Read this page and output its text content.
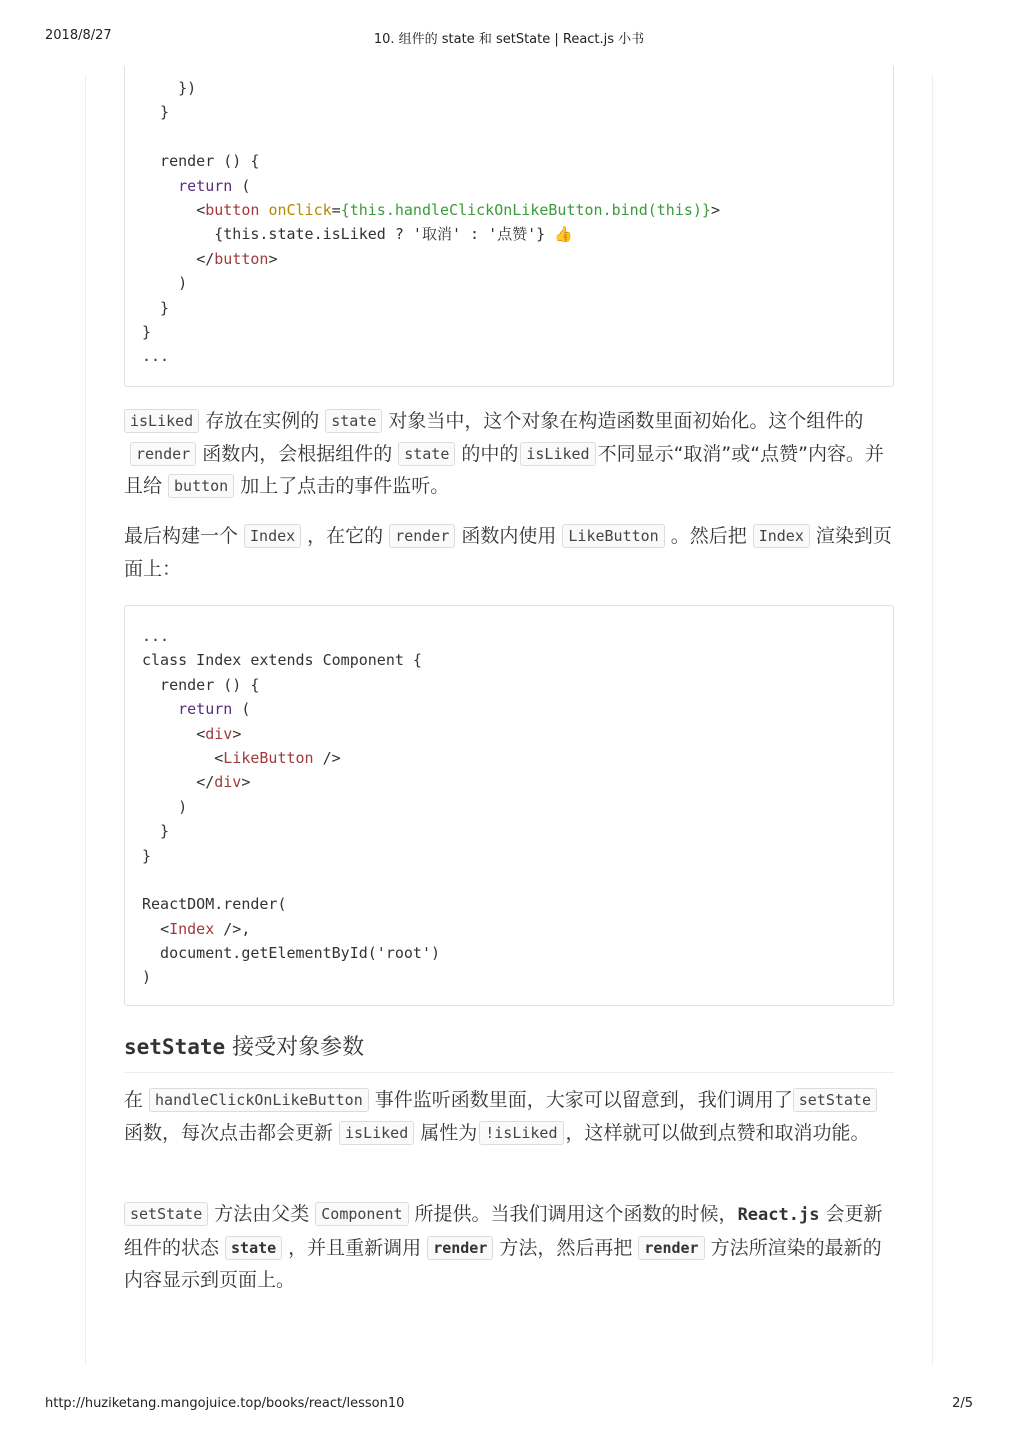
2018/8/27	10. 组件的 state 和 setState | React.js 小书
})
}
render () {
return (
<button onClick={this.handleClickOnLikeButton.bind(this)}>
{this.state.isLiked ? '取消' : '点赞'} 👍
</button>
)
}
}
...
isLiked 存放在实例的 state 对象当中，这个对象在构造函数里面初始化。这个组件的render 函数内，会根据组件的 state 的中的 isLiked 不同显示“取消”或“点赞”内容。并且给 button 加上了点击的事件监听。
最后构建一个 Index ，在它的 render 函数内使用 LikeButton 。然后把 Index 渲染到页面上：
...
class Index extends Component {
render () {
return (
<div>
<LikeButton />
</div>
)
}
}
ReactDOM.render(
<Index />,
document.getElementById('root')
)
setState 接受对象参数
在 handleClickOnLikeButton 事件监听函数里面，大家可以留意到，我们调用了 setState函数，每次点击都会更新 isLiked 属性为 !isLiked ，这样就可以做到点赞和取消功能。
setState 方法由父类 Component 所提供。当我们调用这个函数的时候，React.js 会更新组件的状态 state ，并且重新调用 render 方法，然后再把 render 方法所渲染的最新的内容显示到页面上。
http://huziketang.mangojuice.top/books/react/lesson10	2/5
